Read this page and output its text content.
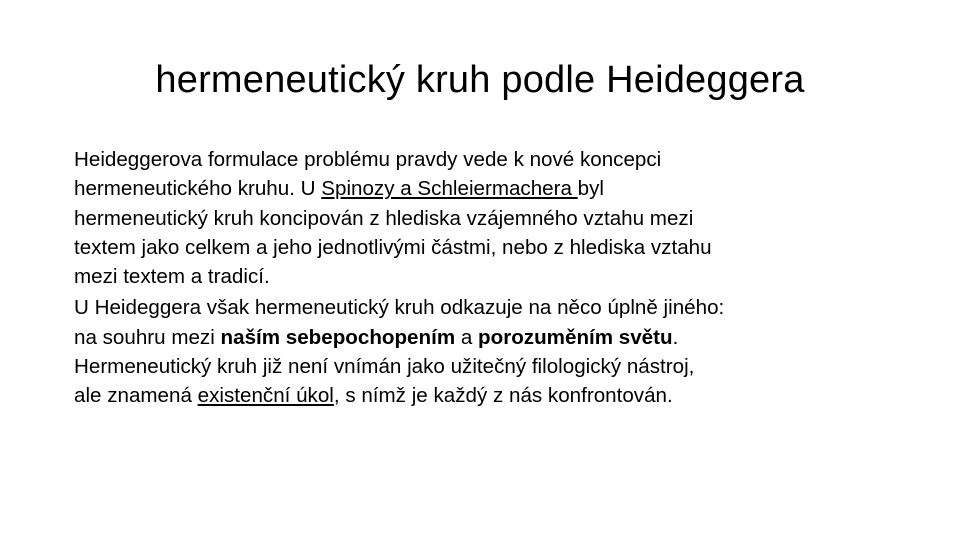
hermeneutický kruh podle Heideggera

Heideggerova formulace problému pravdy vede k nové koncepci
hermeneutického kruhu. U Spinozy a Schleiermachera byl
hermeneutický kruh koncipován z hlediska vzájemného vztahu mezi
textem jako celkem a jeho jednotlivými částmi, nebo z hlediska vztahu
mezi textem a tradicí.

U Heideggera však hermeneutický kruh odkazuje na něco úplně jiného:
na souhru mezi naším sebepochopením a porozuměním světu.
Hermeneutický kruh již není vnímán jako užitečný filologický nástroj,
ale znamená existenční úkol, s nímž je každý z nás konfrontován.
